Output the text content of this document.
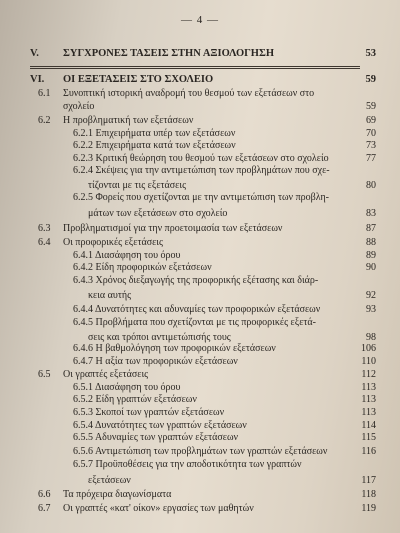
— 4 —
V. ΣΥΓΧΡΟΝΕΣ ΤΑΣΕΙΣ ΣΤΗΝ ΑΞΙΟΛΟΓΗΣΗ	53
VI. ΟΙ ΕΞΕΤΑΣΕΙΣ ΣΤΟ ΣΧΟΛΕΙΟ	59
6.1 Συνοπτική ιστορική αναδρομή του θεσμού των εξετάσεων στο
σχολείο	59
6.2 Η προβληματική των εξετάσεων	69
6.2.1 Επιχειρήματα υπέρ των εξετάσεων	70
6.2.2 Επιχειρήματα κατά των εξετάσεων	73
6.2.3 Κριτική θεώρηση του θεσμού των εξετάσεων στο σχολείο	77
6.2.4 Σκέψεις για την αντιμετώπιση των προβλημάτων που σχε-
τίζονται με τις εξετάσεις	80
6.2.5 Φορείς που σχετίζονται με την αντιμετώπιση των προβλη-
μάτων των εξετάσεων στο σχολείο	83
6.3 Προβληματισμοί για την προετοιμασία των εξετάσεων	87
6.4 Οι προφορικές εξετάσεις	88
6.4.1 Διασάφηση του όρου	89
6.4.2 Είδη προφορικών εξετάσεων	90
6.4.3 Χρόνος διεξαγωγής της προφορικής εξέτασης και διάρ-
κεια αυτής	92
6.4.4 Δυνατότητες και αδυναμίες των προφορικών εξετάσεων	93
6.4.5 Προβλήματα που σχετίζονται με τις προφορικές εξετά-
σεις και τρόποι αντιμετώπισής τους	98
6.4.6 Η βαθμολόγηση των προφορικών εξετάσεων	106
6.4.7 Η αξία των προφορικών εξετάσεων	110
6.5 Οι γραπτές εξετάσεις	112
6.5.1 Διασάφηση του όρου	113
6.5.2 Είδη γραπτών εξετάσεων	113
6.5.3 Σκοποί των γραπτών εξετάσεων	113
6.5.4 Δυνατότητες των γραπτών εξετάσεων	114
6.5.5 Αδυναμίες των γραπτών εξετάσεων	115
6.5.6 Αντιμετώπιση των προβλημάτων των γραπτών εξετάσεων	116
6.5.7 Προϋποθέσεις για την αποδοτικότητα των γραπτών
εξετάσεων	117
6.6 Τα πρόχειρα διαγωνίσματα	118
6.7 Οι γραπτές «κατ' οίκον» εργασίες των μαθητών	119
